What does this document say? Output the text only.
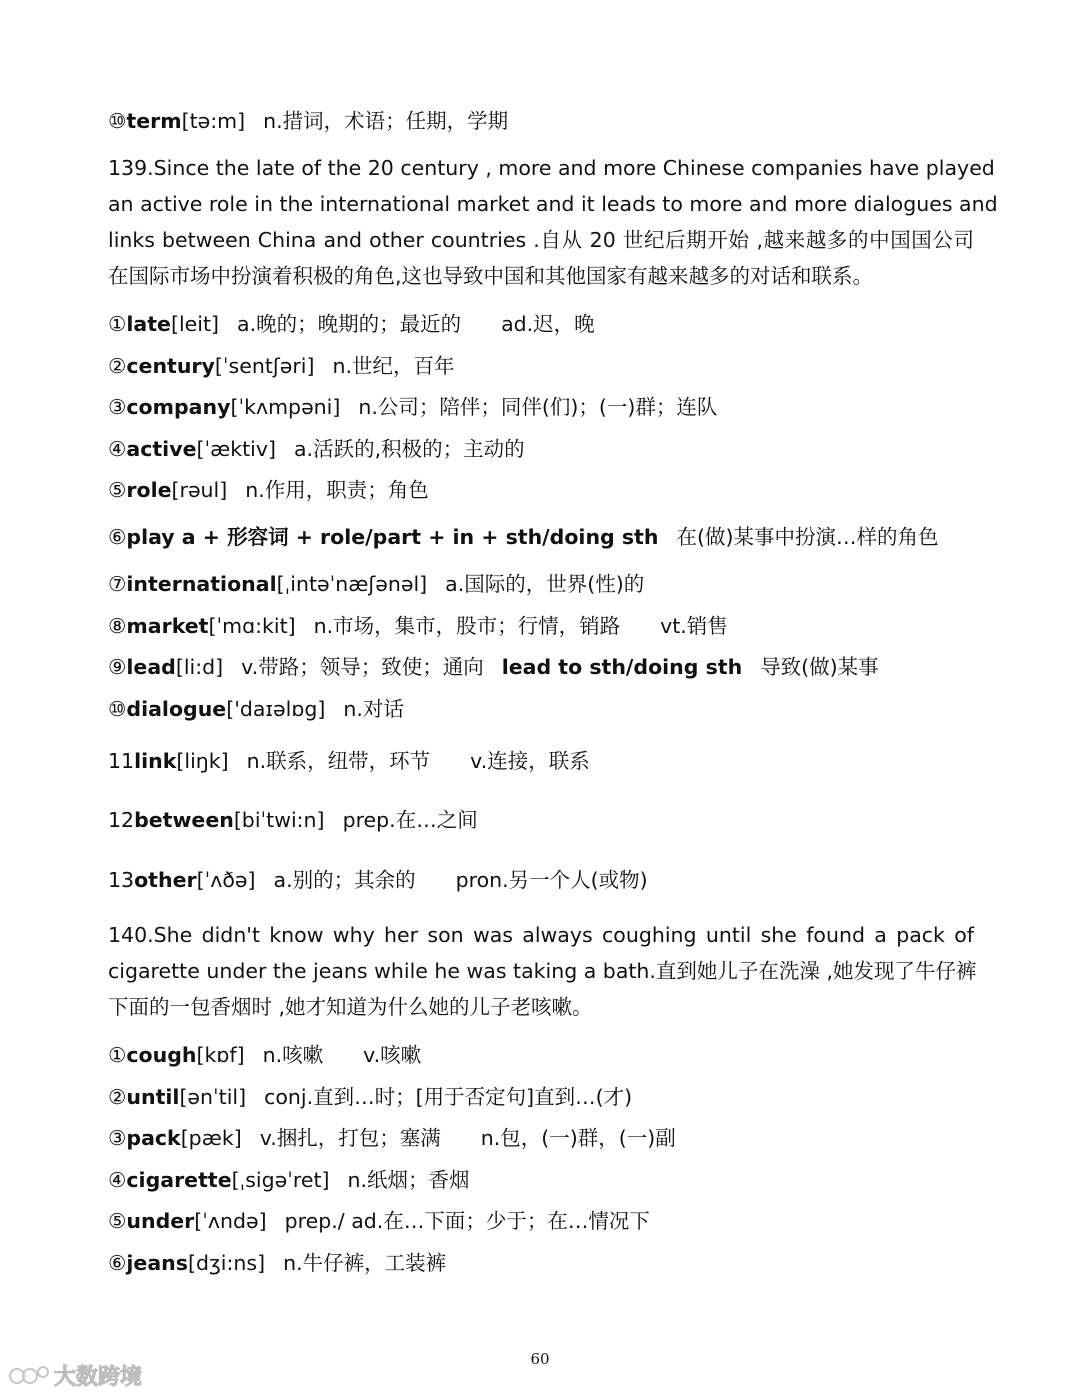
⑩term[tə:m] n.措词，术语；任期，学期
139.Since the late of the 20 century , more and more Chinese companies have played
an active role in the international market and it leads to more and more dialogues and
links between China and other countries .自从 20 世纪后期开始 ,越来越多的中国国公司
在国际市场中扮演着积极的角色,这也导致中国和其他国家有越来越多的对话和联系。
①late[leit] a.晚的；晚期的；最近的 ad.迟，晚
②century[ˈsentʃəri] n.世纪，百年
③company[ˈkʌmpəni] n.公司；陪伴；同伴(们)；(一)群；连队
④active[ˈæktiv] a.活跃的,积极的；主动的
⑤role[rəul] n.作用，职责；角色
⑥play a + 形容词 + role/part + in + sth/doing sth 在(做)某事中扮演…样的角色
⑦international[ˌintəˈnæʃənəl] a.国际的，世界(性)的
⑧market[ˈmɑ:kit] n.市场，集市，股市；行情，销路 vt.销售
⑨lead[li:d] v.带路；领导；致使；通向 lead to sth/doing sth 导致(做)某事
⑩dialogue['daɪəlɒg] n.对话
11link[liŋk] n.联系，纽带，环节 v.连接，联系
12between[biˈtwi:n] prep.在…之间
13other[ˈʌðə] a.别的；其余的 pron.另一个人(或物)
140.She didn't know why her son was always coughing until she found a pack of
cigarette under the jeans while he was taking a bath.直到她儿子在洗澡 ,她发现了牛仔裤
下面的一包香烟时 ,她才知道为什么她的儿子老咳嗽。
①cough[kɒf] n.咳嗽 v.咳嗽
②until[ənˈtil] conj.直到…时；[用于否定句]直到…(才)
③pack[pæk] v.捆扎，打包；塞满 n.包，(一)群，(一)副
④cigarette[ˌsigəˈret] n.纸烟；香烟
⑤under[ˈʌndə] prep./ ad.在…下面；少于；在…情况下
⑥jeans[dʒi:ns] n.牛仔裤，工装裤
60
大数跨境
